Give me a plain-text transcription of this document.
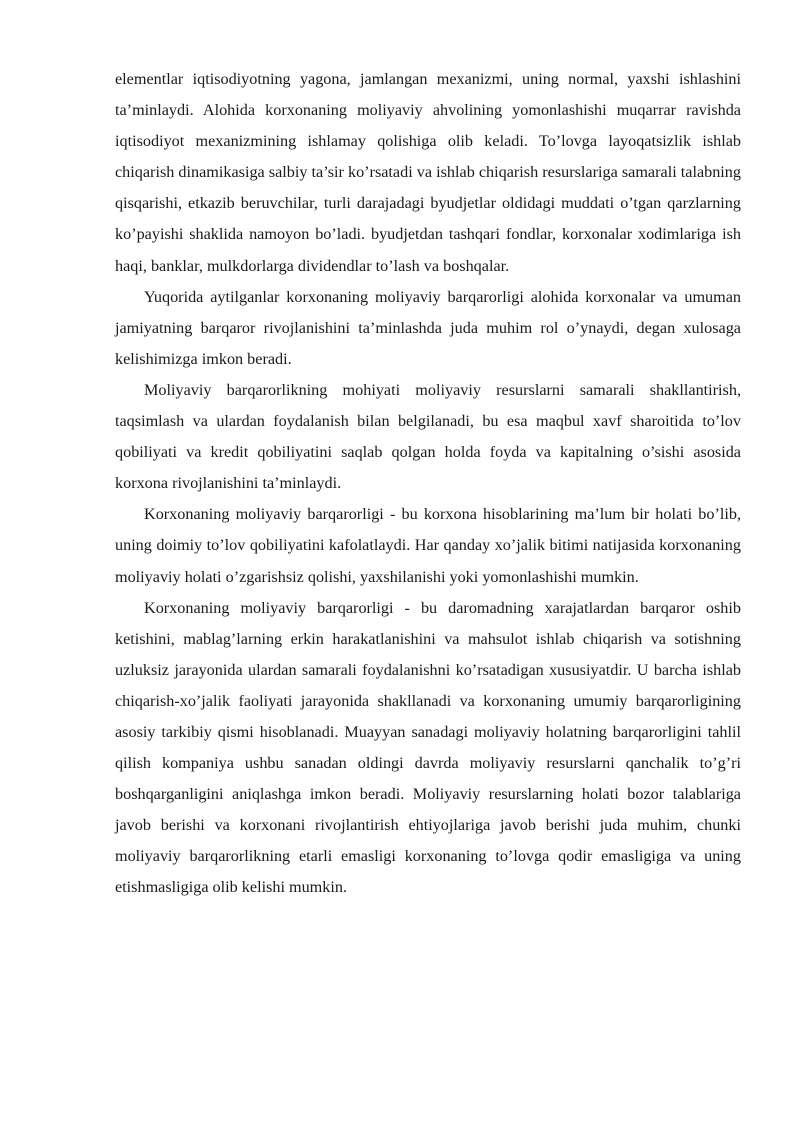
elementlar iqtisodiyotning yagona, jamlangan mexanizmi, uning normal, yaxshi ishlashini ta’minlaydi. Alohida korxonaning moliyaviy ahvolining yomonlashishi muqarrar ravishda iqtisodiyot mexanizmining ishlamay qolishiga olib keladi. To’lovga layoqatsizlik ishlab chiqarish dinamikasiga salbiy ta’sir ko’rsatadi va ishlab chiqarish resurslariga samarali talabning qisqarishi, etkazib beruvchilar, turli darajadagi byudjetlar oldidagi muddati o’tgan qarzlarning ko’payishi shaklida namoyon bo’ladi. byudjetdan tashqari fondlar, korxonalar xodimlariga ish haqi, banklar, mulkdorlarga dividendlar to’lash va boshqalar.

Yuqorida aytilganlar korxonaning moliyaviy barqarorligi alohida korxonalar va umuman jamiyatning barqaror rivojlanishini ta’minlashda juda muhim rol o’ynaydi, degan xulosaga kelishimizga imkon beradi.

Moliyaviy barqarorlikning mohiyati moliyaviy resurslarni samarali shakllantirish, taqsimlash va ulardan foydalanish bilan belgilanadi, bu esa maqbul xavf sharoitida to’lov qobiliyati va kredit qobiliyatini saqlab qolgan holda foyda va kapitalning o’sishi asosida korxona rivojlanishini ta’minlaydi.

Korxonaning moliyaviy barqarorligi - bu korxona hisoblarining ma’lum bir holati bo’lib, uning doimiy to’lov qobiliyatini kafolatlaydi. Har qanday xo’jalik bitimi natijasida korxonaning moliyaviy holati o’zgarishsiz qolishi, yaxshilanishi yoki yomonlashishi mumkin.

Korxonaning moliyaviy barqarorligi - bu daromadning xarajatlardan barqaror oshib ketishini, mablag’larning erkin harakatlanishini va mahsulot ishlab chiqarish va sotishning uzluksiz jarayonida ulardan samarali foydalanishni ko’rsatadigan xususiyatdir. U barcha ishlab chiqarish-xo’jalik faoliyati jarayonida shakllanadi va korxonaning umumiy barqarorligining asosiy tarkibiy qismi hisoblanadi. Muayyan sanadagi moliyaviy holatning barqarorligini tahlil qilish kompaniya ushbu sanadan oldingi davrda moliyaviy resurslarni qanchalik to’g’ri boshqarganligini aniqlashga imkon beradi. Moliyaviy resurslarning holati bozor talablariga javob berishi va korxonani rivojlantirish ehtiyojlariga javob berishi juda muhim, chunki moliyaviy barqarorlikning etarli emasligi korxonaning to’lovga qodir emasligiga va uning etishmasligiga olib kelishi mumkin.
